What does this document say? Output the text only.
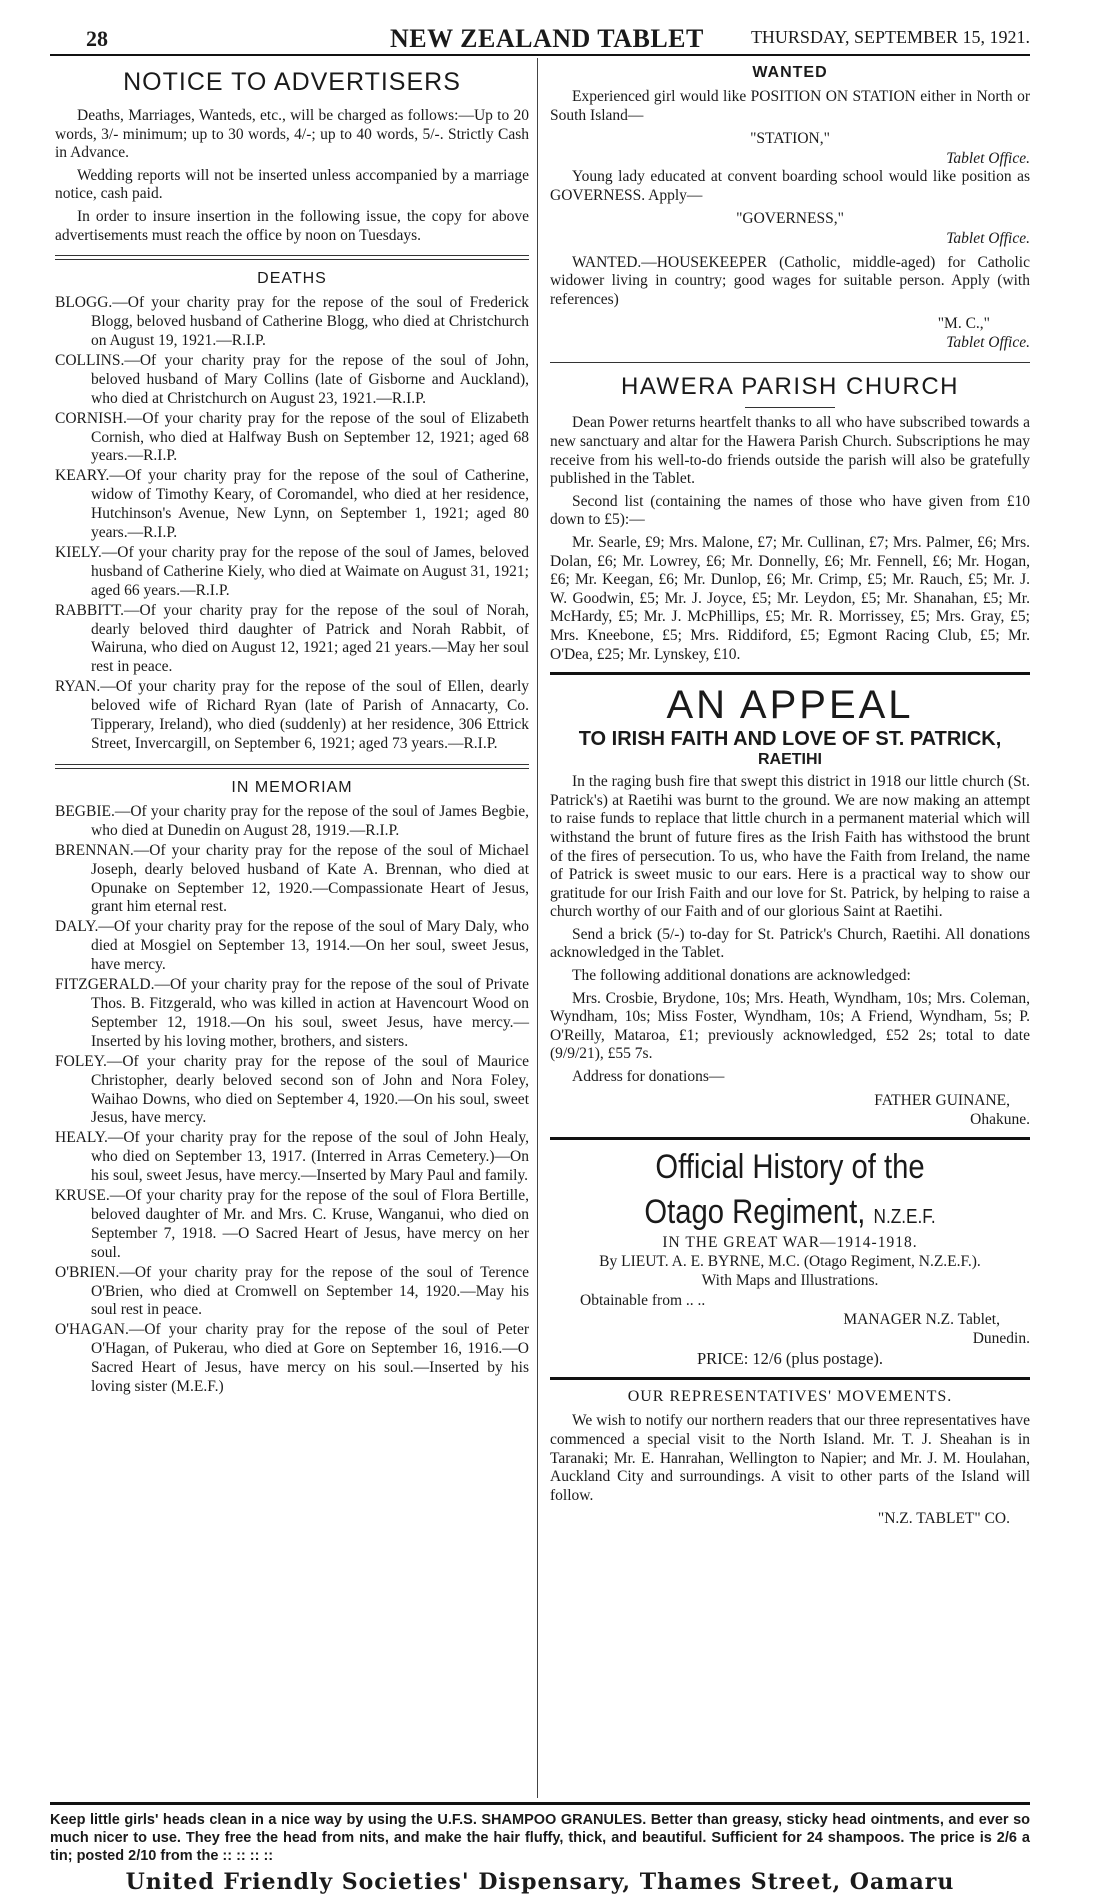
28	NEW ZEALAND TABLET	THURSDAY, SEPTEMBER 15, 1921.
NOTICE TO ADVERTISERS

Deaths, Marriages, Wanteds, etc., will be charged as follows:—Up to 20 words, 3/- minimum; up to 30 words, 4/-; up to 40 words, 5/-. Strictly Cash in Advance.

Wedding reports will not be inserted unless accompanied by a marriage notice, cash paid.

In order to insure insertion in the following issue, the copy for above advertisements must reach the office by noon on Tuesdays.

DEATHS

BLOGG.—Of your charity pray for the repose of the soul of Frederick Blogg, beloved husband of Catherine Blogg, who died at Christchurch on August 19, 1921.—R.I.P.

COLLINS.—Of your charity pray for the repose of the soul of John, beloved husband of Mary Collins (late of Gisborne and Auckland), who died at Christchurch on August 23, 1921.—R.I.P.

CORNISH.—Of your charity pray for the repose of the soul of Elizabeth Cornish, who died at Halfway Bush on September 12, 1921; aged 68 years.—R.I.P.

KEARY.—Of your charity pray for the repose of the soul of Catherine, widow of Timothy Keary, of Coromandel, who died at her residence, Hutchinson's Avenue, New Lynn, on September 1, 1921; aged 80 years.—R.I.P.

KIELY.—Of your charity pray for the repose of the soul of James, beloved husband of Catherine Kiely, who died at Waimate on August 31, 1921; aged 66 years.—R.I.P.

RABBITT.—Of your charity pray for the repose of the soul of Norah, dearly beloved third daughter of Patrick and Norah Rabbit, of Wairuna, who died on August 12, 1921; aged 21 years.—May her soul rest in peace.

RYAN.—Of your charity pray for the repose of the soul of Ellen, dearly beloved wife of Richard Ryan (late of Parish of Annacarty, Co. Tipperary, Ireland), who died (suddenly) at her residence, 306 Ettrick Street, Invercargill, on September 6, 1921; aged 73 years.—R.I.P.

IN MEMORIAM

BEGBIE.—Of your charity pray for the repose of the soul of James Begbie, who died at Dunedin on August 28, 1919.—R.I.P.

BRENNAN.—Of your charity pray for the repose of the soul of Michael Joseph, dearly beloved husband of Kate A. Brennan, who died at Opunake on September 12, 1920.—Compassionate Heart of Jesus, grant him eternal rest.

DALY.—Of your charity pray for the repose of the soul of Mary Daly, who died at Mosgiel on September 13, 1914.—On her soul, sweet Jesus, have mercy.

FITZGERALD.—Of your charity pray for the repose of the soul of Private Thos. B. Fitzgerald, who was killed in action at Havencourt Wood on September 12, 1918.—On his soul, sweet Jesus, have mercy.—Inserted by his loving mother, brothers, and sisters.

FOLEY.—Of your charity pray for the repose of the soul of Maurice Christopher, dearly beloved second son of John and Nora Foley, Waihao Downs, who died on September 4, 1920.—On his soul, sweet Jesus, have mercy.

HEALY.—Of your charity pray for the repose of the soul of John Healy, who died on September 13, 1917. (Interred in Arras Cemetery.)—On his soul, sweet Jesus, have mercy.—Inserted by Mary Paul and family.

KRUSE.—Of your charity pray for the repose of the soul of Flora Bertille, beloved daughter of Mr. and Mrs. C. Kruse, Wanganui, who died on September 7, 1918. —O Sacred Heart of Jesus, have mercy on her soul.

O'BRIEN.—Of your charity pray for the repose of the soul of Terence O'Brien, who died at Cromwell on September 14, 1920.—May his soul rest in peace.

O'HAGAN.—Of your charity pray for the repose of the soul of Peter O'Hagan, of Pukerau, who died at Gore on September 16, 1916.—O Sacred Heart of Jesus, have mercy on his soul.—Inserted by his loving sister (M.E.F.)

WANTED

Experienced girl would like POSITION ON STATION either in North or South Island—

"STATION,"
Tablet Office.

Young lady educated at convent boarding school would like position as GOVERNESS. Apply—

"GOVERNESS,"
Tablet Office.

WANTED.—HOUSEKEEPER (Catholic, middle-aged) for Catholic widower living in country; good wages for suitable person. Apply (with references)

"M. C.,"
Tablet Office.
HAWERA PARISH CHURCH

Dean Power returns heartfelt thanks to all who have subscribed towards a new sanctuary and altar for the Hawera Parish Church. Subscriptions he may receive from his well-to-do friends outside the parish will also be gratefully published in the Tablet.

Second list (containing the names of those who have given from £10 down to £5):—

Mr. Searle, £9; Mrs. Malone, £7; Mr. Cullinan, £7; Mrs. Palmer, £6; Mrs. Dolan, £6; Mr. Lowrey, £6; Mr. Donnelly, £6; Mr. Fennell, £6; Mr. Hogan, £6; Mr. Keegan, £6; Mr. Dunlop, £6; Mr. Crimp, £5; Mr. Rauch, £5; Mr. J. W. Goodwin, £5; Mr. J. Joyce, £5; Mr. Leydon, £5; Mr. Shanahan, £5; Mr. McHardy, £5; Mr. J. McPhillips, £5; Mr. R. Morrissey, £5; Mrs. Gray, £5; Mrs. Kneebone, £5; Mrs. Riddiford, £5; Egmont Racing Club, £5; Mr. O'Dea, £25; Mr. Lynskey, £10.

AN APPEAL
TO IRISH FAITH AND LOVE OF ST. PATRICK,
RAETIHI

In the raging bush fire that swept this district in 1918 our little church (St. Patrick's) at Raetihi was burnt to the ground. We are now making an attempt to raise funds to replace that little church in a permanent material which will withstand the brunt of future fires as the Irish Faith has withstood the brunt of the fires of persecution. To us, who have the Faith from Ireland, the name of Patrick is sweet music to our ears. Here is a practical way to show our gratitude for our Irish Faith and our love for St. Patrick, by helping to raise a church worthy of our Faith and of our glorious Saint at Raetihi.

Send a brick (5/-) to-day for St. Patrick's Church, Raetihi. All donations acknowledged in the Tablet.

The following additional donations are acknowledged:

Mrs. Crosbie, Brydone, 10s; Mrs. Heath, Wyndham, 10s; Mrs. Coleman, Wyndham, 10s; Miss Foster, Wyndham, 10s; A Friend, Wyndham, 5s; P. O'Reilly, Mataroa, £1; previously acknowledged, £52 2s; total to date (9/9/21), £55 7s.

Address for donations—

FATHER GUINANE,
Ohakune.
Official History of the
Otago Regiment, N.Z.E.F.
IN THE GREAT WAR—1914-1918.
By LIEUT. A. E. BYRNE, M.C. (Otago Regiment, N.Z.E.F.).
With Maps and Illustrations.
Obtainable from .. ..
MANAGER N.Z. Tablet,
Dunedin.
PRICE: 12/6 (plus postage).
OUR REPRESENTATIVES' MOVEMENTS.

We wish to notify our northern readers that our three representatives have commenced a special visit to the North Island. Mr. T. J. Sheahan is in Taranaki; Mr. E. Hanrahan, Wellington to Napier; and Mr. J. M. Houlahan, Auckland City and surroundings. A visit to other parts of the Island will follow.

"N.Z. TABLET" CO.
Keep little girls' heads clean in a nice way by using the U.F.S. SHAMPOO GRANULES. Better than greasy, sticky head ointments, and ever so much nicer to use. They free the head from nits, and make the hair fluffy, thick, and beautiful. Sufficient for 24 shampoos. The price is 2/6 a tin; posted 2/10 from the :: :: :: ::
United Friendly Societies' Dispensary, Thames Street, Oamaru
